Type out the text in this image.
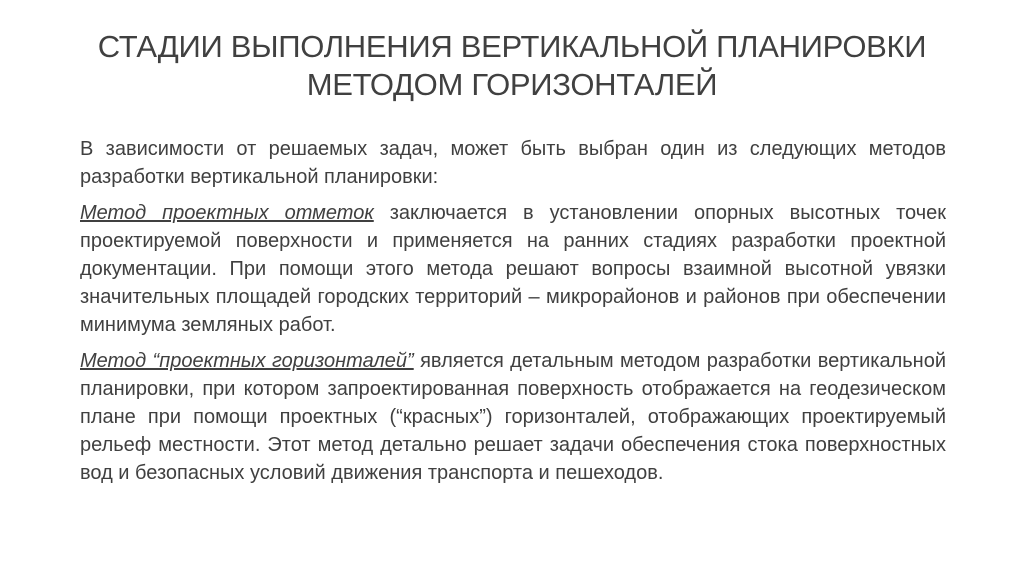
СТАДИИ ВЫПОЛНЕНИЯ ВЕРТИКАЛЬНОЙ ПЛАНИРОВКИ
МЕТОДОМ ГОРИЗОНТАЛЕЙ

В зависимости от решаемых задач, может быть выбран один из следующих методов разработки вертикальной планировки:

Метод проектных отметок заключается в установлении опорных высотных точек проектируемой поверхности и применяется на ранних стадиях разработки проектной документации. При помощи этого метода решают вопросы взаимной высотной увязки значительных площадей городских территорий – микрорайонов и районов при обеспечении минимума земляных работ.

Метод “проектных горизонталей” является детальным методом разработки вертикальной планировки, при котором запроектированная поверхность отображается на геодезическом плане при помощи проектных (“красных”) горизонталей, отображающих проектируемый рельеф местности. Этот метод детально решает задачи обеспечения стока поверхностных вод и безопасных условий движения транспорта и пешеходов.
